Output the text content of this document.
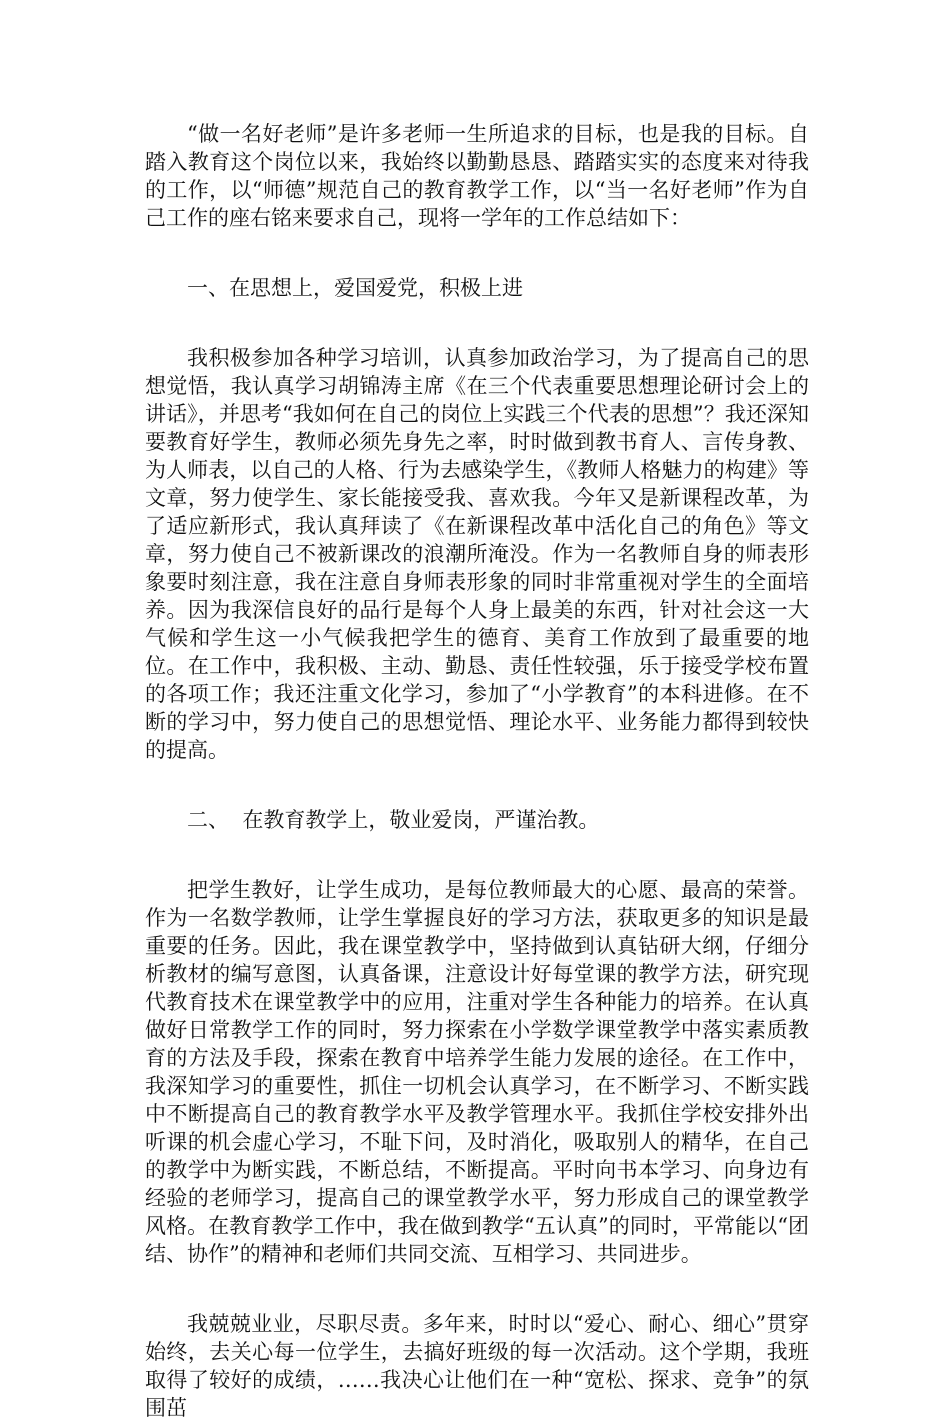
“做一名好老师”是许多老师一生所追求的目标，也是我的目标。自踏入教育这个岗位以来，我始终以勤勤恳恳、踏踏实实的态度来对待我的工作，以“师德”规范自己的教育教学工作，以“当一名好老师”作为自己工作的座右铭来要求自己，现将一学年的工作总结如下：

一、在思想上，爱国爱党，积极上进

我积极参加各种学习培训，认真参加政治学习，为了提高自己的思想觉悟，我认真学习胡锦涛主席《在三个代表重要思想理论研讨会上的讲话》，并思考“我如何在自己的岗位上实践三个代表的思想”？我还深知要教育好学生，教师必须先身先之率，时时做到教书育人、言传身教、为人师表，以自己的人格、行为去感染学生，《教师人格魅力的构建》等文章，努力使学生、家长能接受我、喜欢我。今年又是新课程改革，为了适应新形式，我认真拜读了《在新课程改革中活化自己的角色》等文章，努力使自己不被新课改的浪潮所淹没。作为一名教师自身的师表形象要时刻注意，我在注意自身师表形象的同时非常重视对学生的全面培养。因为我深信良好的品行是每个人身上最美的东西，针对社会这一大气候和学生这一小气候我把学生的德育、美育工作放到了最重要的地位。在工作中，我积极、主动、勤恳、责任性较强，乐于接受学校布置的各项工作；我还注重文化学习，参加了“小学教育”的本科进修。在不断的学习中，努力使自己的思想觉悟、理论水平、业务能力都得到较快的提高。

二、  在教育教学上，敬业爱岗，严谨治教。

把学生教好，让学生成功，是每位教师最大的心愿、最高的荣誉。作为一名数学教师，让学生掌握良好的学习方法，获取更多的知识是最重要的任务。因此，我在课堂教学中，坚持做到认真钻研大纲，仔细分析教材的编写意图，认真备课，注意设计好每堂课的教学方法，研究现代教育技术在课堂教学中的应用，注重对学生各种能力的培养。在认真做好日常教学工作的同时，努力探索在小学数学课堂教学中落实素质教育的方法及手段，探索在教育中培养学生能力发展的途径。在工作中，我深知学习的重要性，抓住一切机会认真学习，在不断学习、不断实践中不断提高自己的教育教学水平及教学管理水平。我抓住学校安排外出听课的机会虚心学习，不耻下问，及时消化，吸取别人的精华，在自己的教学中为断实践，不断总结，不断提高。平时向书本学习、向身边有经验的老师学习，提高自己的课堂教学水平，努力形成自己的课堂教学风格。在教育教学工作中，我在做到教学“五认真”的同时，平常能以“团结、协作”的精神和老师们共同交流、互相学习、共同进步。

我兢兢业业，尽职尽责。多年来，时时以“爱心、耐心、细心”贯穿始终，去关心每一位学生，去搞好班级的每一次活动。这个学期，我班取得了较好的成绩，……我决心让他们在一种“宽松、探求、竞争”的氛围茁
